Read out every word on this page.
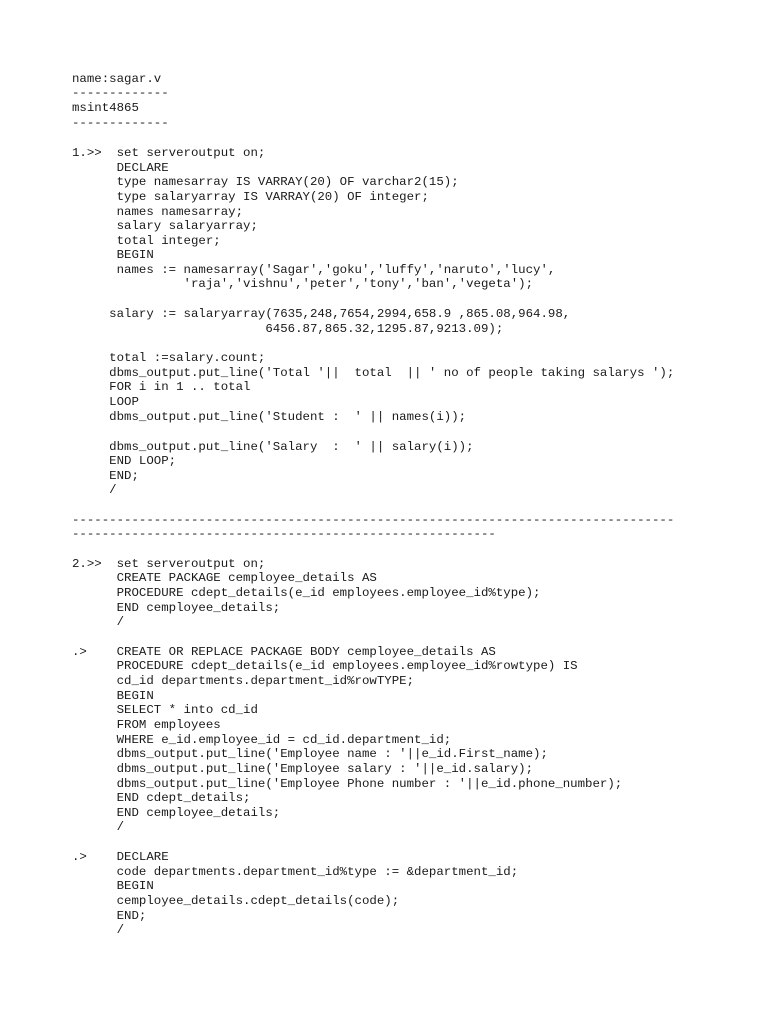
name:sagar.v
-------------
msint4865
-------------
1.>>  set serveroutput on;
DECLARE
type namesarray IS VARRAY(20) OF varchar2(15);
type salaryarray IS VARRAY(20) OF integer;
names namesarray;
salary salaryarray;
total integer;
BEGIN
names := namesarray('Sagar','goku','luffy','naruto','lucy',
'raja','vishnu','peter','tony','ban','vegeta');
salary := salaryarray(7635,248,7654,2994,658.9 ,865.08,964.98,
6456.87,865.32,1295.87,9213.09);
total :=salary.count;
dbms_output.put_line('Total '||  total  || ' no of people taking salarys ');
FOR i in 1 .. total
LOOP
dbms_output.put_line('Student :  ' || names(i));
dbms_output.put_line('Salary  :  ' || salary(i));
END LOOP;
END;
/
---------------------------------------------------------------------------------
---------------------------------------------------------
2.>>  set serveroutput on;
CREATE PACKAGE cemployee_details AS
PROCEDURE cdept_details(e_id employees.employee_id%type);
END cemployee_details;
/
.>    CREATE OR REPLACE PACKAGE BODY cemployee_details AS
PROCEDURE cdept_details(e_id employees.employee_id%rowtype) IS
cd_id departments.department_id%rowTYPE;
BEGIN
SELECT * into cd_id
FROM employees
WHERE e_id.employee_id = cd_id.department_id;
dbms_output.put_line('Employee name : '||e_id.First_name);
dbms_output.put_line('Employee salary : '||e_id.salary);
dbms_output.put_line('Employee Phone number : '||e_id.phone_number);
END cdept_details;
END cemployee_details;
/
.>    DECLARE
code departments.department_id%type := &department_id;
BEGIN
cemployee_details.cdept_details(code);
END;
/
